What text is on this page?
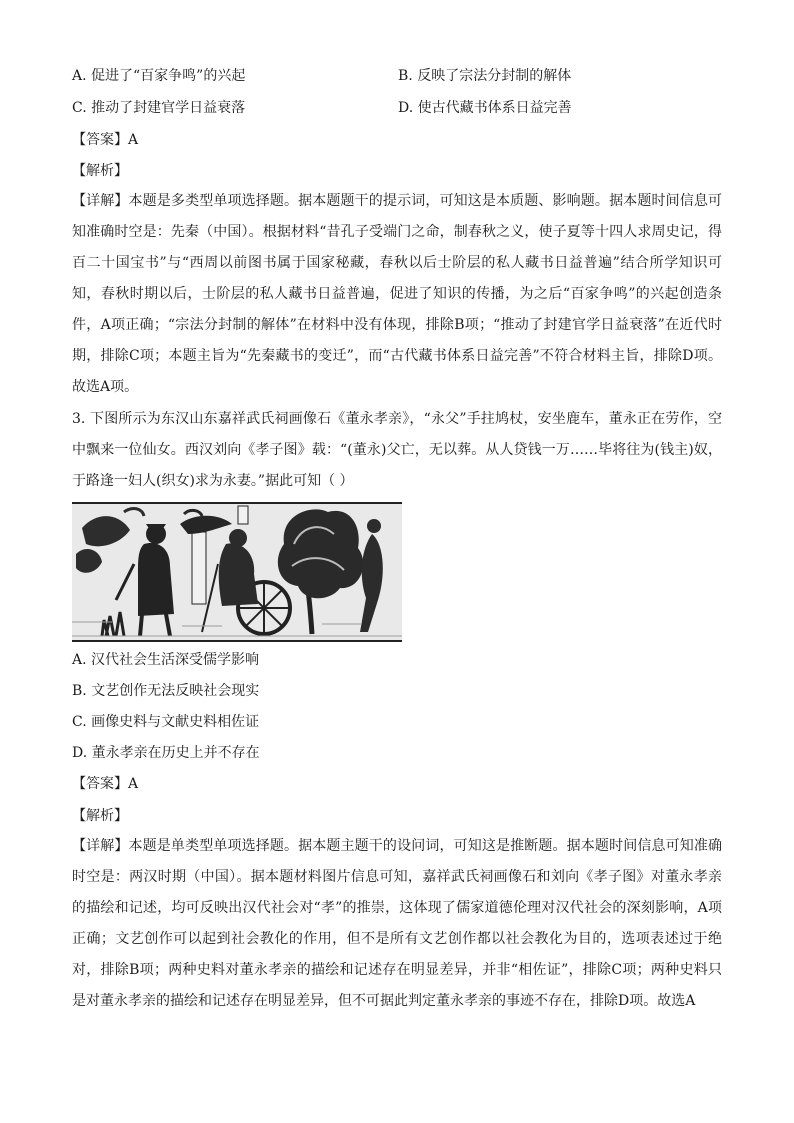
A. 促进了“百家争鸣”的兴起	B. 反映了宗法分封制的解体
C. 推动了封建官学日益衰落	D. 使古代藏书体系日益完善
【答案】A
【解析】
【详解】本题是多类型单项选择题。据本题题干的提示词，可知这是本质题、影响题。据本题时间信息可知准确时空是：先秦（中国）。根据材料“昔孔子受端门之命，制春秋之义，使子夏等十四人求周史记，得百二十国宝书”与“西周以前图书属于国家秘藏，春秋以后士阶层的私人藏书日益普遍”结合所学知识可知，春秋时期以后，士阶层的私人藏书日益普遍，促进了知识的传播，为之后“百家争鸣”的兴起创造条件，A项正确；“宗法分封制的解体”在材料中没有体现，排除B项；“推动了封建官学日益衰落”在近代时期，排除C项；本题主旨为“先秦藏书的变迁”，而“古代藏书体系日益完善”不符合材料主旨，排除D项。故选A项。
3. 下图所示为东汉山东嘉祥武氏祠画像石《董永孝亲》，“永父”手拄鸠杖，安坐鹿车，董永正在劳作，空中飘来一位仙女。西汉刘向《孝子图》载：“(董永)父亡，无以葬。从人贷钱一万……毕将往为(钱主)奴，于路逢一妇人(织女)求为永妻。”据此可知（ ）
A. 汉代社会生活深受儒学影响
B. 文艺创作无法反映社会现实
C. 画像史料与文献史料相佐证
D. 董永孝亲在历史上并不存在
【答案】A
【解析】
【详解】本题是单类型单项选择题。据本题主题干的设问词，可知这是推断题。据本题时间信息可知准确时空是：两汉时期（中国）。据本题材料图片信息可知，嘉祥武氏祠画像石和刘向《孝子图》对董永孝亲的描绘和记述，均可反映出汉代社会对“孝”的推崇，这体现了儒家道德伦理对汉代社会的深刻影响，A项正确；文艺创作可以起到社会教化的作用，但不是所有文艺创作都以社会教化为目的，选项表述过于绝对，排除B项；两种史料对董永孝亲的描绘和记述存在明显差异，并非“相佐证”，排除C项；两种史料只是对董永孝亲的描绘和记述存在明显差异，但不可据此判定董永孝亲的事迹不存在，排除D项。故选A
